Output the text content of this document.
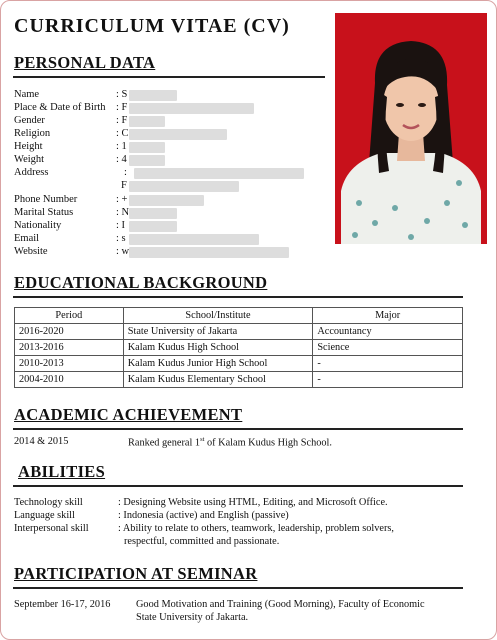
CURRICULUM VITAE (CV)
PERSONAL DATA
Name	: S
Place & Date of Birth : F
Gender	: F
Religion	: C
Height	: 1
Weight	: 4
Address	:
F
Phone Number	: +
Marital Status	: N
Nationality	: I
Email	: s
Website	: w
EDUCATIONAL BACKGROUND
Period	School/Institute	Major
2016-2020	State University of Jakarta	Accountancy
2013-2016	Kalam Kudus High School	Science
2010-2013	Kalam Kudus Junior High School	-
2004-2010	Kalam Kudus Elementary School	-
ACADEMIC ACHIEVEMENT
2014 & 2015	Ranked general 1st of Kalam Kudus High School.
ABILITIES
Technology skill	: Designing Website using HTML, Editing, and Microsoft Office.
Language skill	: Indonesia (active) and English (passive)
Interpersonal skill	: Ability to relate to others, teamwork, leadership, problem solvers,
respectful, committed and passionate.
PARTICIPATION AT SEMINAR
September 16-17, 2016 Good Motivation and Training (Good Morning), Faculty of Economic
State University of Jakarta.
